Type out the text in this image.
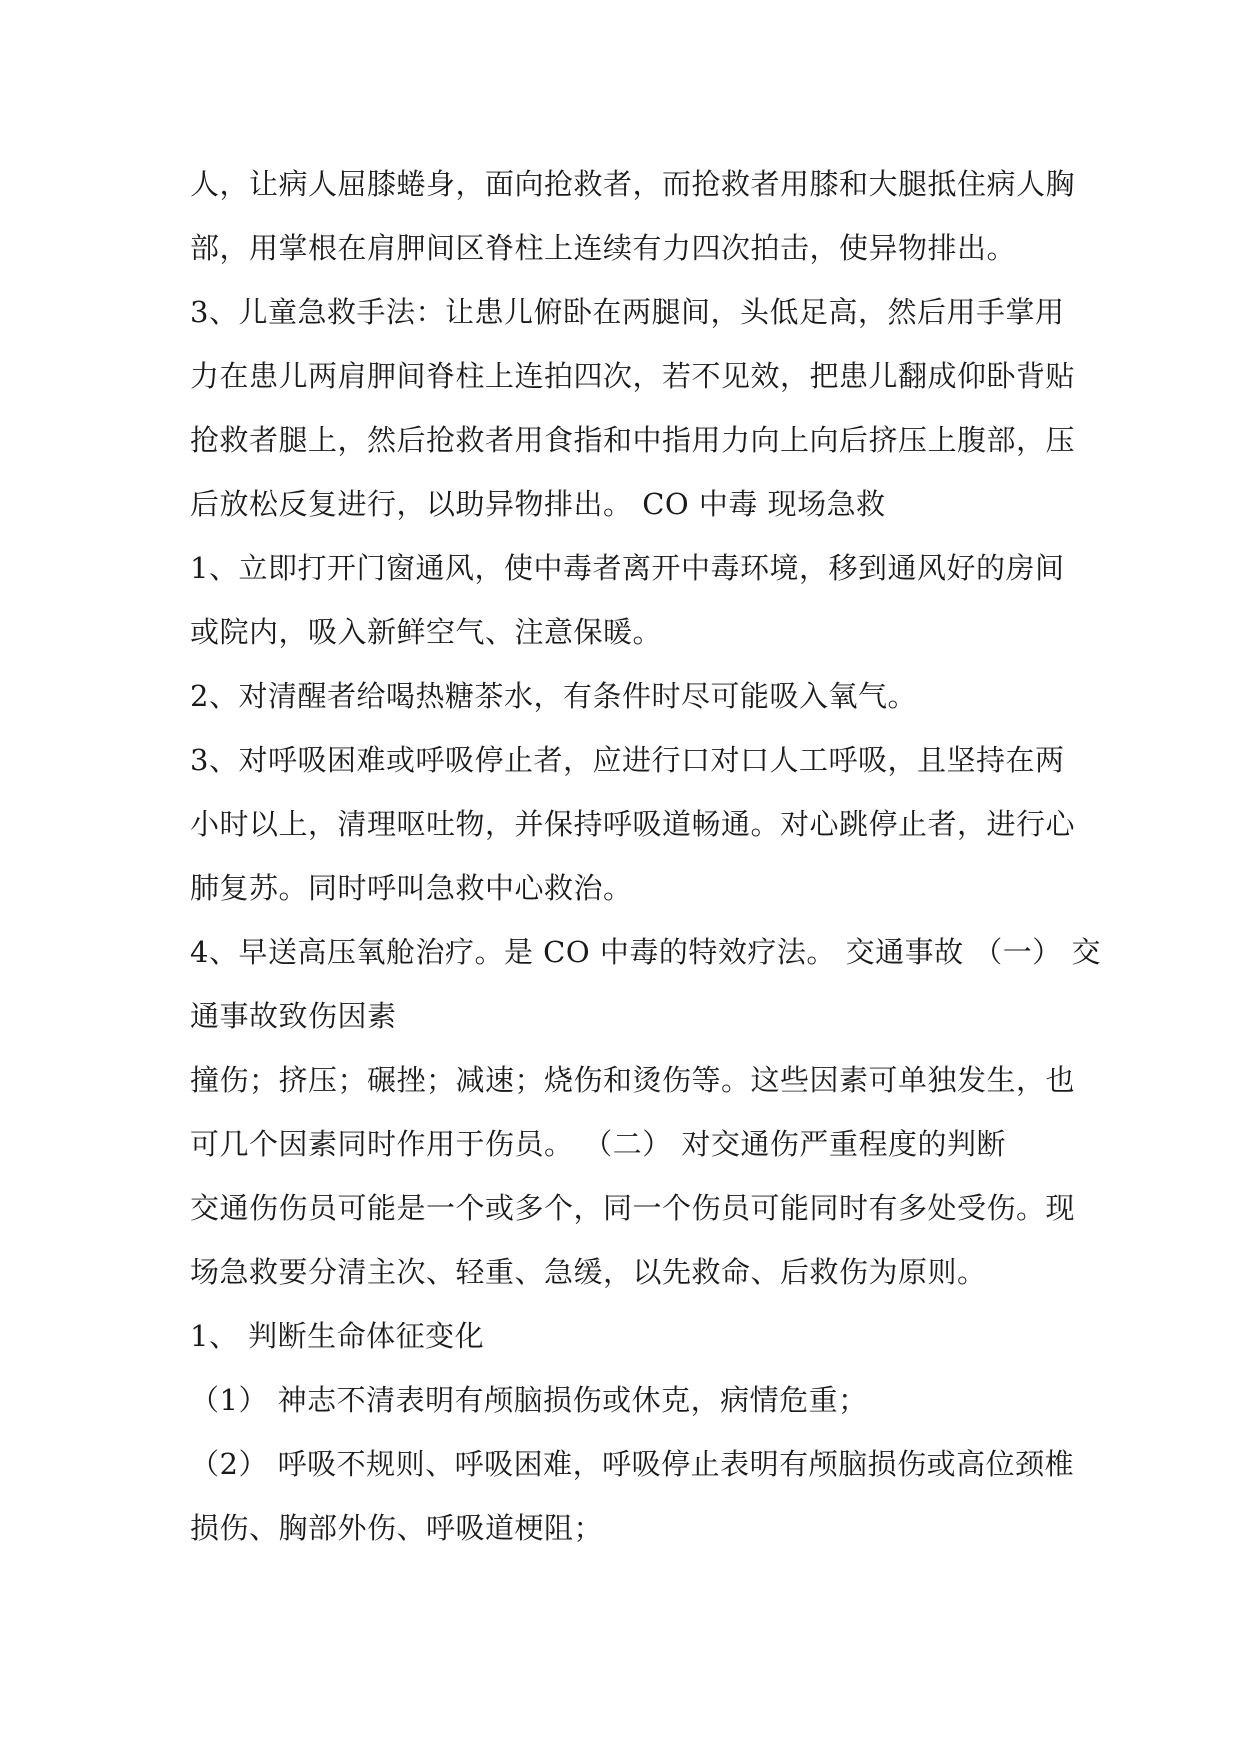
人，让病人屈膝蜷身，面向抢救者，而抢救者用膝和大腿抵住病人胸
部，用掌根在肩胛间区脊柱上连续有力四次拍击，使异物排出。
3、儿童急救手法：让患儿俯卧在两腿间，头低足高，然后用手掌用
力在患儿两肩胛间脊柱上连拍四次，若不见效，把患儿翻成仰卧背贴
抢救者腿上，然后抢救者用食指和中指用力向上向后挤压上腹部，压
后放松反复进行，以助异物排出。 CO 中毒 现场急救
1、立即打开门窗通风，使中毒者离开中毒环境，移到通风好的房间
或院内，吸入新鲜空气、注意保暖。
2、对清醒者给喝热糖茶水，有条件时尽可能吸入氧气。
3、对呼吸困难或呼吸停止者，应进行口对口人工呼吸，且坚持在两
小时以上，清理呕吐物，并保持呼吸道畅通。对心跳停止者，进行心
肺复苏。同时呼叫急救中心救治。
4、早送高压氧舱治疗。是 CO 中毒的特效疗法。 交通事故 （一） 交
通事故致伤因素
撞伤；挤压；碾挫；减速；烧伤和烫伤等。这些因素可单独发生，也
可几个因素同时作用于伤员。 （二） 对交通伤严重程度的判断
交通伤伤员可能是一个或多个，同一个伤员可能同时有多处受伤。现
场急救要分清主次、轻重、急缓，以先救命、后救伤为原则。
1、 判断生命体征变化
（1） 神志不清表明有颅脑损伤或休克，病情危重；
（2） 呼吸不规则、呼吸困难，呼吸停止表明有颅脑损伤或高位颈椎
损伤、胸部外伤、呼吸道梗阻；
